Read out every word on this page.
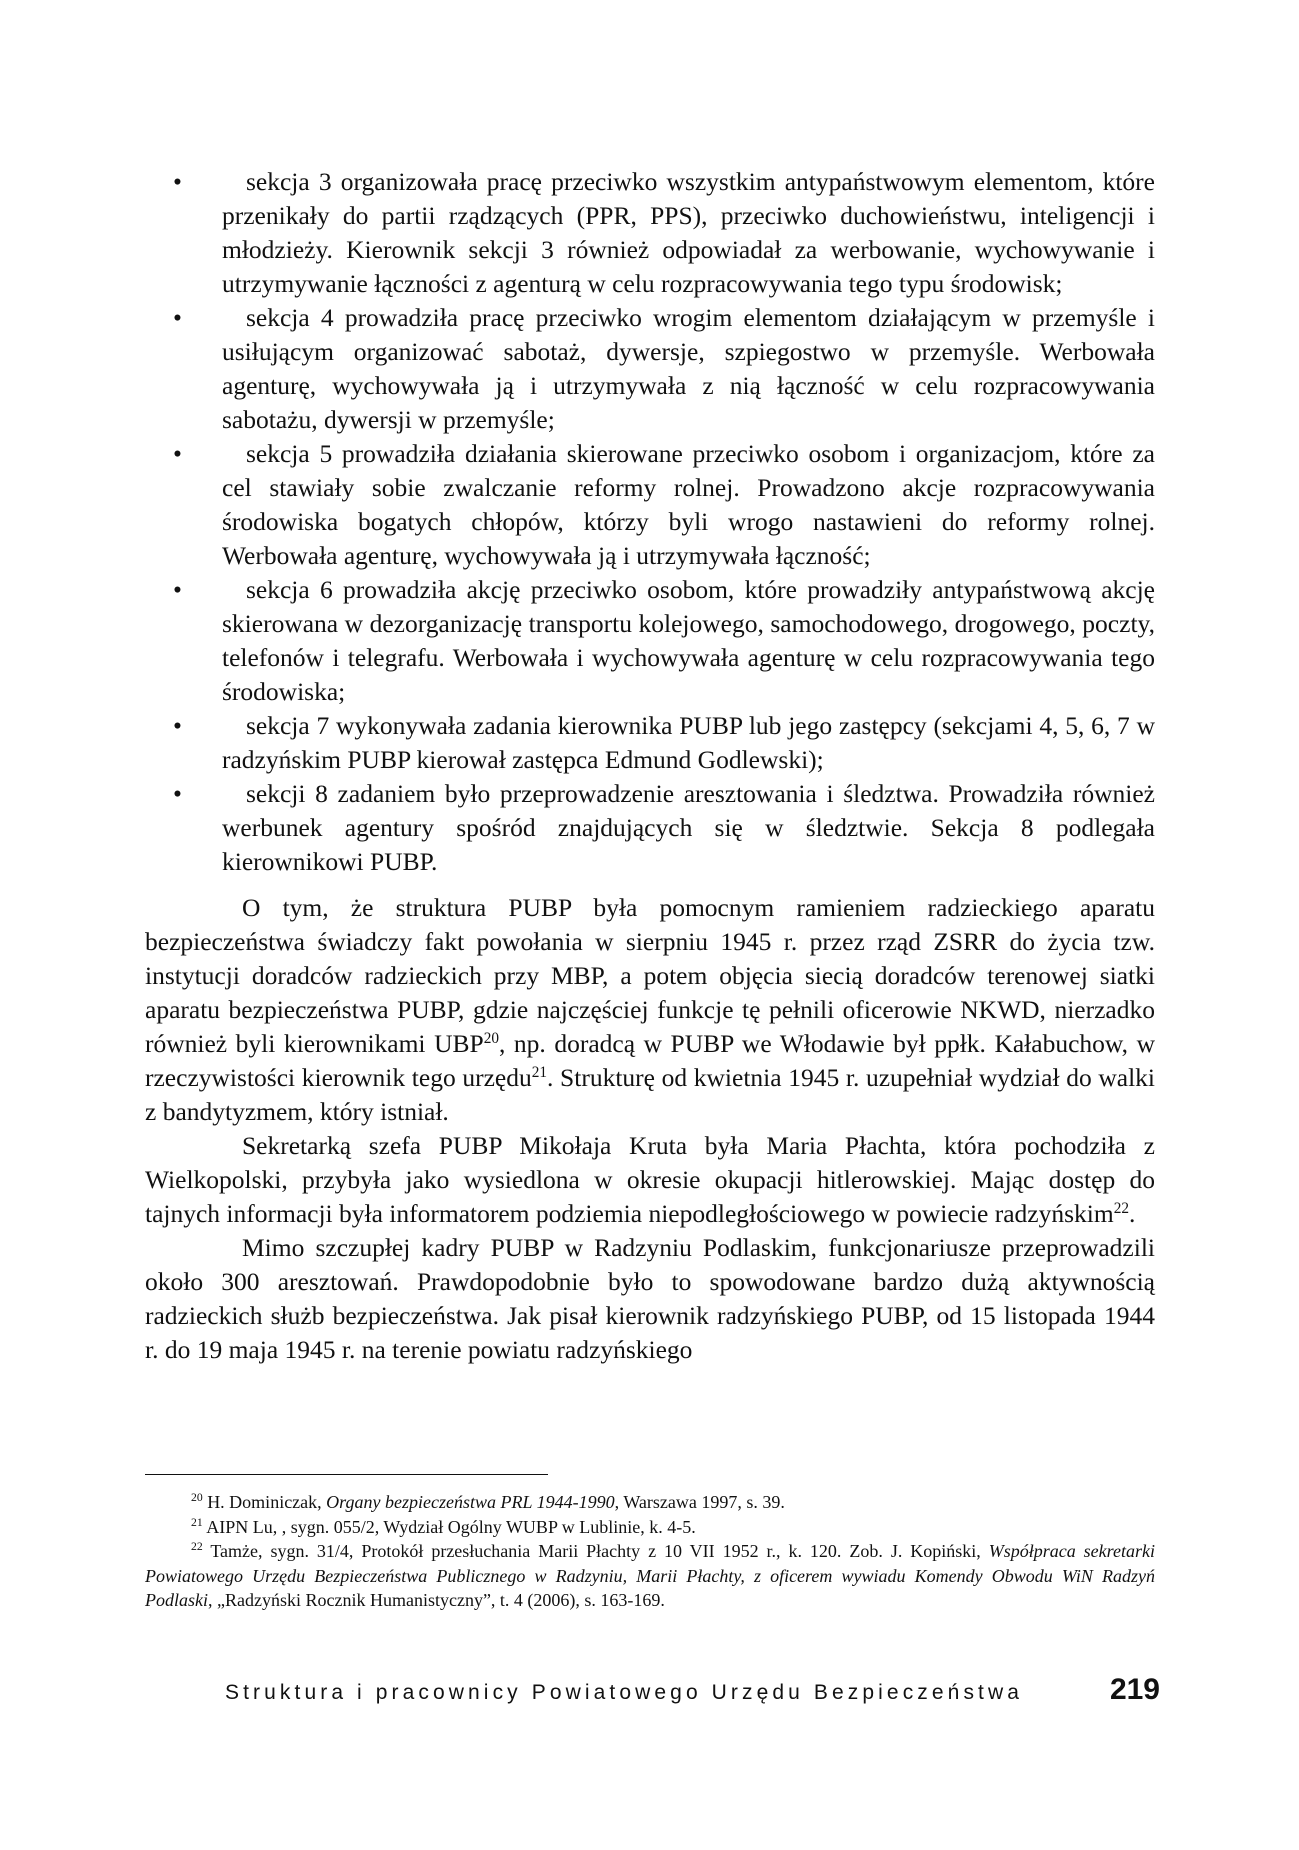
•	sekcja 3 organizowała pracę przeciwko wszystkim antypaństwowym elementom, które przenikały do partii rządzących (PPR, PPS), przeciwko duchowieństwu, inteligencji i młodzieży. Kierownik sekcji 3 również odpowiadał za werbowanie, wychowywanie i utrzymywanie łączności z agenturą w celu rozpracowywania tego typu środowisk;
•	sekcja 4 prowadziła pracę przeciwko wrogim elementom działającym w przemyśle i usiłującym organizować sabotaż, dywersje, szpiegostwo w przemyśle. Werbowała agenturę, wychowywała ją i utrzymywała z nią łączność w celu rozpracowywania sabotażu, dywersji w przemyśle;
•	sekcja 5 prowadziła działania skierowane przeciwko osobom i organizacjom, które za cel stawiały sobie zwalczanie reformy rolnej. Prowadzono akcje rozpracowywania środowiska bogatych chłopów, którzy byli wrogo nastawieni do reformy rolnej. Werbowała agenturę, wychowywała ją i utrzymywała łączność;
•	sekcja 6 prowadziła akcję przeciwko osobom, które prowadziły antypaństwową akcję skierowana w dezorganizację transportu kolejowego, samochodowego, drogowego, poczty, telefonów i telegrafu. Werbowała i wychowywała agenturę w celu rozpracowywania tego środowiska;
•	sekcja 7 wykonywała zadania kierownika PUBP lub jego zastępcy (sekcjami 4, 5, 6, 7 w radzyńskim PUBP kierował zastępca Edmund Godlewski);
•	sekcji 8 zadaniem było przeprowadzenie aresztowania i śledztwa. Prowadziła również werbunek agentury spośród znajdujących się w śledztwie. Sekcja 8 podlegała kierownikowi PUBP.

O tym, że struktura PUBP była pomocnym ramieniem radzieckiego aparatu bezpieczeństwa świadczy fakt powołania w sierpniu 1945 r. przez rząd ZSRR do życia tzw. instytucji doradców radzieckich przy MBP, a potem objęcia siecią doradców terenowej siatki aparatu bezpieczeństwa PUBP, gdzie najczęściej funkcje tę pełnili oficerowie NKWD, nierzadko również byli kierownikami UBP$^{20}$, np. doradcą w PUBP we Włodawie był ppłk. Kałabuchow, w rzeczywistości kierownik tego urzędu$^{21}$. Strukturę od kwietnia 1945 r. uzupełniał wydział do walki z bandytyzmem, który istniał.

Sekretarką szefa PUBP Mikołaja Kruta była Maria Płachta, która pochodziła z Wielkopolski, przybyła jako wysiedlona w okresie okupacji hitlerowskiej. Mając dostęp do tajnych informacji była informatorem podziemia niepodległościowego w powiecie radzyńskim$^{22}$.

Mimo szczupłej kadry PUBP w Radzyniu Podlaskim, funkcjonariusze przeprowadzili około 300 aresztowań. Prawdopodobnie było to spowodowane bardzo dużą aktywnością radzieckich służb bezpieczeństwa. Jak pisał kierownik radzyńskiego PUBP, od 15 listopada 1944 r. do 19 maja 1945 r. na terenie powiatu radzyńskiego

$^{20}$ H. Dominiczak, Organy bezpieczeństwa PRL 1944-1990, Warszawa 1997, s. 39.

$^{21}$ AIPN Lu, , sygn. 055/2, Wydział Ogólny WUBP w Lublinie, k. 4-5.

$^{22}$ Tamże, sygn. 31/4, Protokół przesłuchania Marii Płachty z 10 VII 1952 r., k. 120. Zob. J. Kopiński, Współpraca sekretarki Powiatowego Urzędu Bezpieczeństwa Publicznego w Radzyniu, Marii Płachty, z oficerem wywiadu Komendy Obwodu WiN Radzyń Podlaski, „Radzyński Rocznik Humanistyczny”, t. 4 (2006), s. 163-169.

Struktura i pracownicy Powiatowego Urzędu Bezpieczeństwa	219
